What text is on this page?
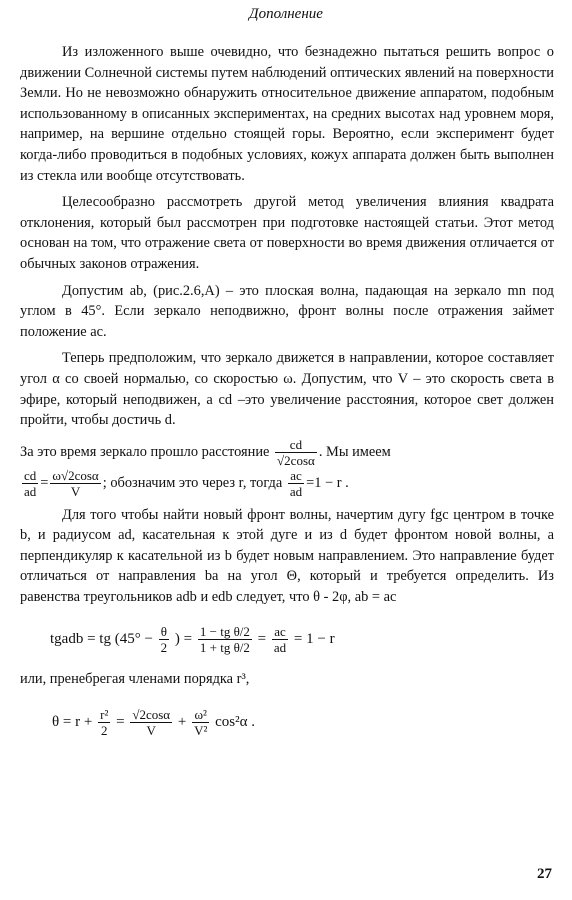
Дополнение

Из изложенного выше очевидно, что безнадежно пытаться решить вопрос о движении Солнечной системы путем наблюдений оптических явлений на поверхности Земли. Но не невозможно обнаружить относительное движение аппаратом, подобным использованному в описанных экспериментах, на средних высотах над уровнем моря, например, на вершине отдельно стоящей горы. Вероятно, если эксперимент будет когда-либо проводиться в подобных условиях, кожух аппарата должен быть выполнен из стекла или вообще отсутствовать.

Целесообразно рассмотреть другой метод увеличения влияния квадрата отклонения, который был рассмотрен при подготовке настоящей статьи. Этот метод основан на том, что отражение света от поверхности во время движения отличается от обычных законов отражения.

Допустим ab, (рис.2.6,А) – это плоская волна, падающая на зеркало mn под углом в 45°. Если зеркало неподвижно, фронт волны после отражения займет положение ac.

Теперь предположим, что зеркало движется в направлении, которое составляет угол α со своей нормалью, со скоростью ω. Допустим, что V – это скорость света в эфире, который неподвижен, а cd –это увеличение расстояния, которое свет должен пройти, чтобы достичь d.

За это время зеркало прошло расстояние $\frac{cd}{√2\cos\alpha}$ . Мы имеем

$\frac{cd}{ad} = \frac{\omega√2\cos\alpha}{V}$ ; обозначим это через r, тогда $\frac{ac}{ad} =1 - r$ .

Для того чтобы найти новый фронт волны, начертим дугу fgc центром в точке b, и радиусом ad, касательная к этой дуге и из d будет фронтом новой волны, а перпендикуляр к касательной из b будет новым направлением. Это направление будет отличаться от направления ba на угол Θ, который и требуется определить. Из равенства треугольников adb и edb следует, что θ - 2φ, ab = ac

tgadb = tg ($45^\circ - \frac{\theta}{2}$ ) = $\frac{\text{1 − tg θ/2}}{\text{1 + tg θ/2}} = \frac{ac}{ad} = 1 - r$

или, пренебрегая членами порядка r³,

$\theta = r + \frac{\text{r²}}{2} = \frac{√2\cos\alpha}{V} + \frac{\text{ω²}}{\text{V²}} \cos^2\alpha$ .
27
